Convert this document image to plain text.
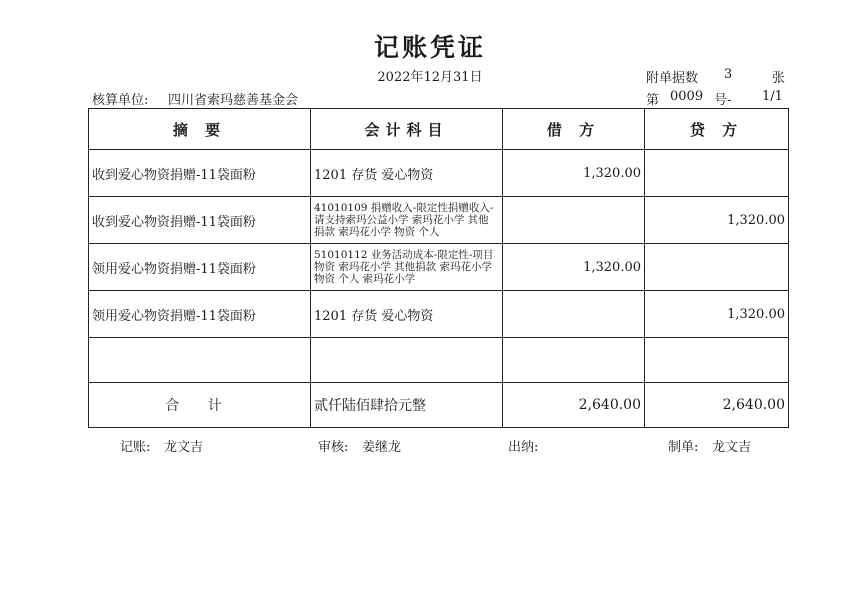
记账凭证
2022年12月31日	附单据数 3	张
核算单位: 四川省索玛慈善基金会	第 0009 号- 1/1
摘 要	会计科目	借 方	贷 方
收到爱心物资捐赠-11袋面粉	1201 存货 爱心物资	1,320.00	
收到爱心物资捐赠-11袋面粉	41010109 捐赠收入-限定性捐赠收入-请支持索玛公益小学 索玛花小学 其他捐款 索玛花小学 物资 个人		1,320.00
领用爱心物资捐赠-11袋面粉	51010112 业务活动成本-限定性-项目物资 索玛花小学 其他捐款 索玛花小学 物资 个人 索玛花小学	1,320.00	
领用爱心物资捐赠-11袋面粉	1201 存货 爱心物资		1,320.00

合 计	贰仟陆佰肆拾元整	2,640.00	2,640.00
记账: 龙文吉	审核: 姜继龙	出纳:	制单: 龙文吉
